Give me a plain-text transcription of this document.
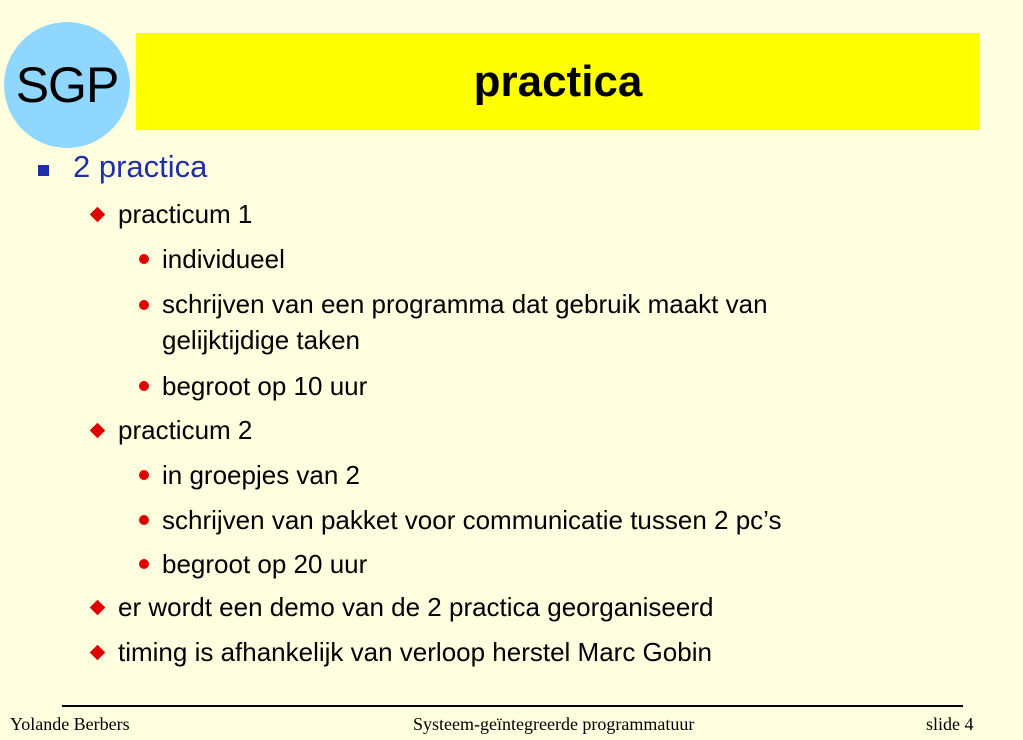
SGP	practica
2 practica
practicum 1
individueel
schrijven van een programma dat gebruik maakt van
gelijktijdige taken
begroot op 10 uur
practicum 2
in groepjes van 2
schrijven van pakket voor communicatie tussen 2 pc’s
begroot op 20 uur
er wordt een demo van de 2 practica georganiseerd
timing is afhankelijk van verloop herstel Marc Gobin
Yolande Berbers	Systeem-geïntegreerde programmatuur	slide 4
